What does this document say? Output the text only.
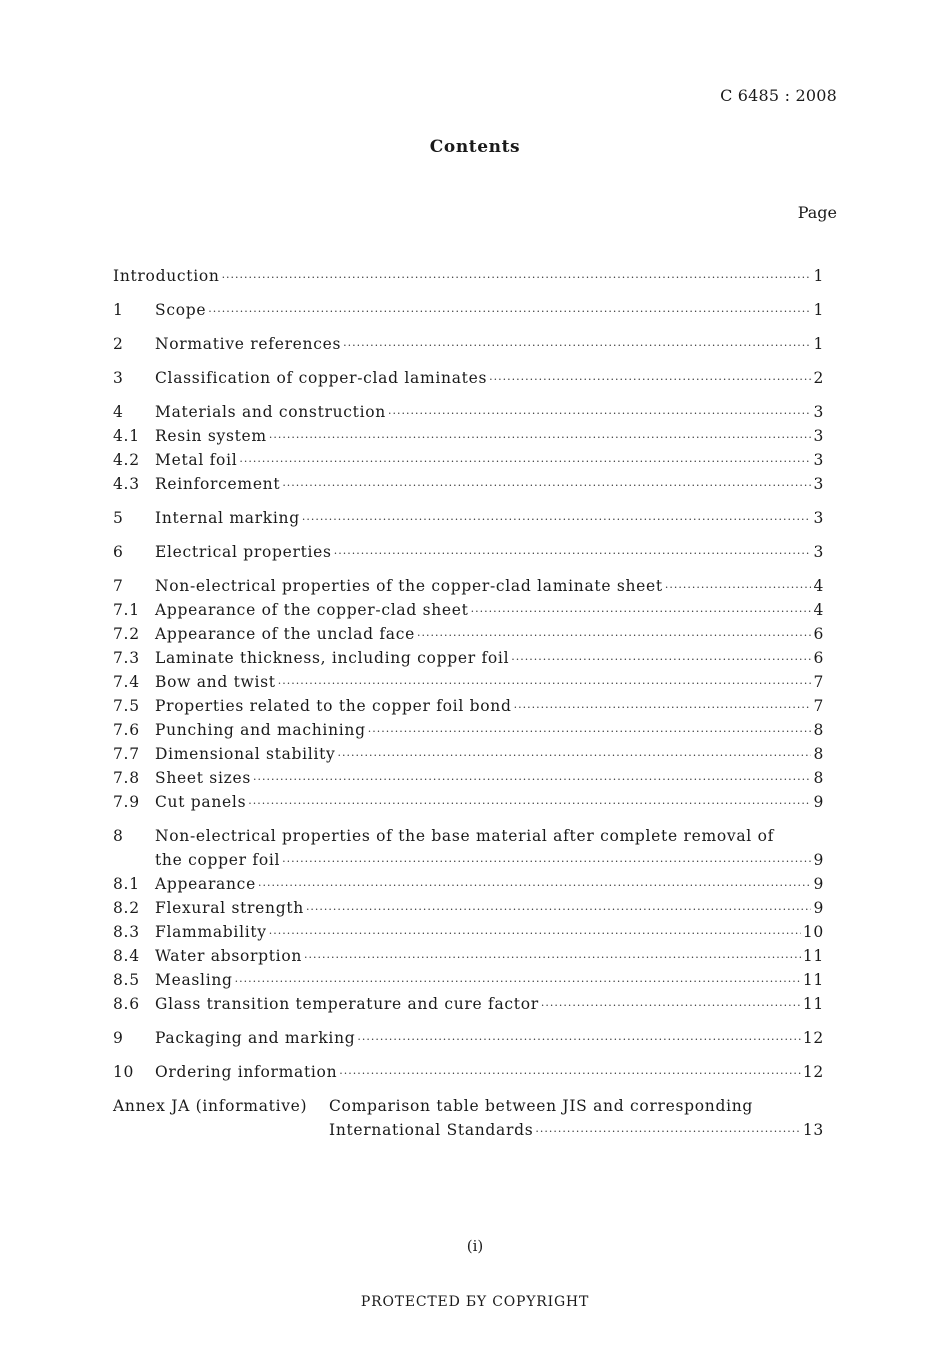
C 6485 : 2008
Contents
Page
Introduction ·····	1
1	Scope ·····	1
2	Normative references ·····	1
3	Classification of copper-clad laminates ·····	2
4	Materials and construction ·····	3
4.1 Resin system ·····	3
4.2 Metal foil ·····	3
4.3 Reinforcement ·····	3
5	Internal marking ·····	3
6	Electrical properties ·····	3
7	Non-electrical properties of the copper-clad laminate sheet ·····	4
7.1 Appearance of the copper-clad sheet ·····	4
7.2 Appearance of the unclad face ·····	6
7.3 Laminate thickness, including copper foil ·····	6
7.4 Bow and twist ·····	7
7.5 Properties related to the copper foil bond ·····	7
7.6 Punching and machining ·····	8
7.7 Dimensional stability ·····	8
7.8 Sheet sizes ·····	8
7.9 Cut panels ·····	9
8	Non-electrical properties of the base material after complete removal of
the copper foil ·····	9
8.1 Appearance ·····	9
8.2 Flexural strength ·····	9
8.3 Flammability ·····	10
8.4 Water absorption ·····	11
8.5 Measling ·····	11
8.6 Glass transition temperature and cure factor ·····	11
9	Packaging and marking ·····	12
10	Ordering information ·····	12
Annex JA (informative)	Comparison table between JIS and corresponding
International Standards ·····	13
(i)
PROTECTED БY COPYRIGHT
